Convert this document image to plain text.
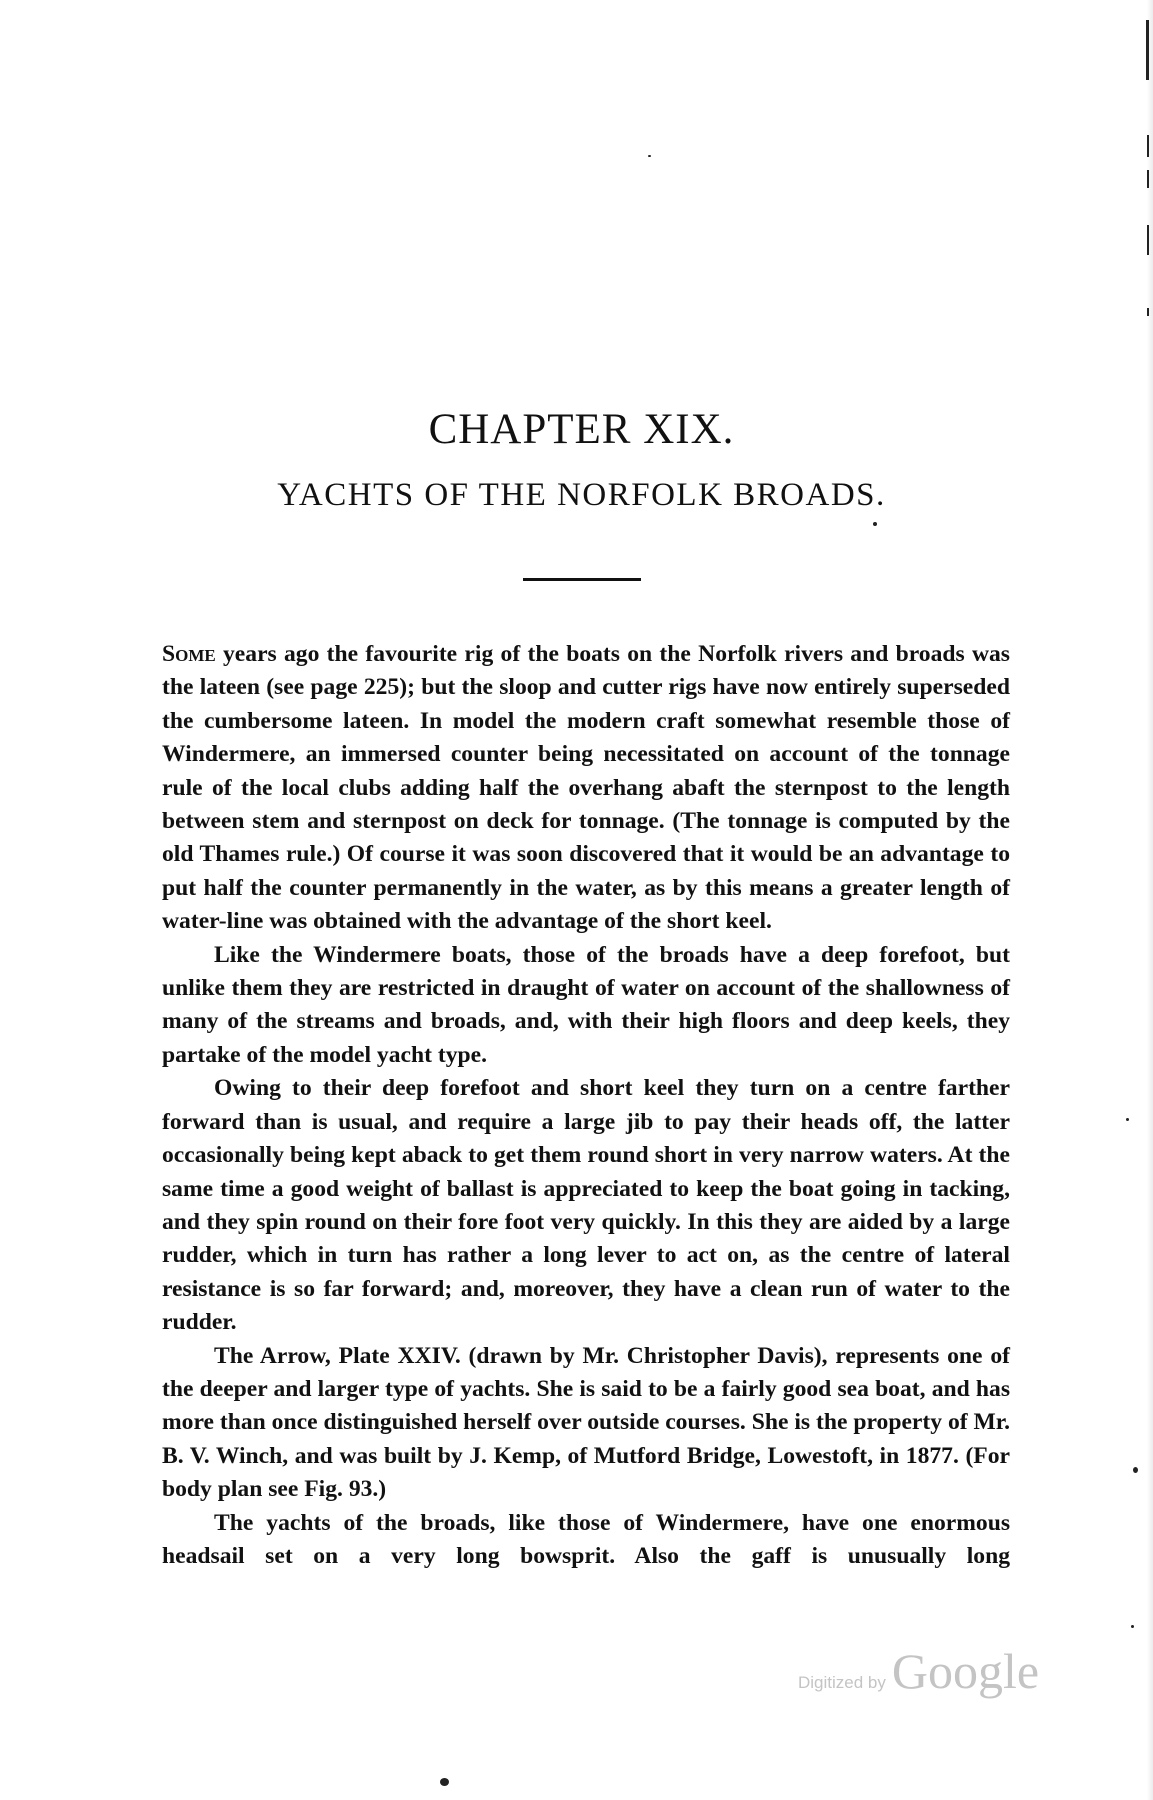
CHAPTER XIX.
YACHTS OF THE NORFOLK BROADS.

Some years ago the favourite rig of the boats on the Norfolk rivers and broads was the lateen (see page 225); but the sloop and cutter rigs have now entirely superseded the cumbersome lateen. In model the modern craft somewhat resemble those of Windermere, an immersed counter being necessitated on account of the tonnage rule of the local clubs adding half the overhang abaft the sternpost to the length between stem and sternpost on deck for tonnage. (The tonnage is computed by the old Thames rule.) Of course it was soon discovered that it would be an advantage to put half the counter permanently in the water, as by this means a greater length of water-line was obtained with the advantage of the short keel.

Like the Windermere boats, those of the broads have a deep forefoot, but unlike them they are restricted in draught of water on account of the shallowness of many of the streams and broads, and, with their high floors and deep keels, they partake of the model yacht type.

Owing to their deep forefoot and short keel they turn on a centre farther forward than is usual, and require a large jib to pay their heads off, the latter occasionally being kept aback to get them round short in very narrow waters. At the same time a good weight of ballast is appreciated to keep the boat going in tacking, and they spin round on their fore foot very quickly. In this they are aided by a large rudder, which in turn has rather a long lever to act on, as the centre of lateral resistance is so far forward; and, moreover, they have a clean run of water to the rudder.

The Arrow, Plate XXIV. (drawn by Mr. Christopher Davis), represents one of the deeper and larger type of yachts. She is said to be a fairly good sea boat, and has more than once distinguished herself over outside courses. She is the property of Mr. B. V. Winch, and was built by J. Kemp, of Mutford Bridge, Lowestoft, in 1877. (For body plan see Fig. 93.)

The yachts of the broads, like those of Windermere, have one enormous headsail set on a very long bowsprit. Also the gaff is unusually long

Digitized by Google
